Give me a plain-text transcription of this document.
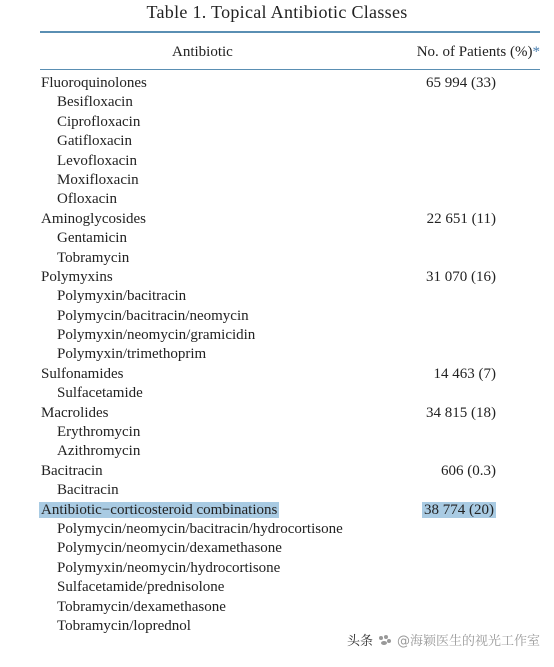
Table 1. Topical Antibiotic Classes
Antibiotic	No. of Patients (%)*
Fluoroquinolones	65 994 (33)
Besifloxacin
Ciprofloxacin
Gatifloxacin
Levofloxacin
Moxifloxacin
Ofloxacin
Aminoglycosides	22 651 (11)
Gentamicin
Tobramycin
Polymyxins	31 070 (16)
Polymyxin/bacitracin
Polymycin/bacitracin/neomycin
Polymyxin/neomycin/gramicidin
Polymyxin/trimethoprim
Sulfonamides	14 463 (7)
Sulfacetamide
Macrolides	34 815 (18)
Erythromycin
Azithromycin
Bacitracin	606 (0.3)
Bacitracin
Antibiotic−corticosteroid combinations	38 774 (20)
Polymycin/neomycin/bacitracin/hydrocortisone
Polymycin/neomycin/dexamethasone
Polymyxin/neomycin/hydrocortisone
Sulfacetamide/prednisolone
Tobramycin/dexamethasone
Tobramycin/loprednol
头条 @海颖医生的视光工作室
